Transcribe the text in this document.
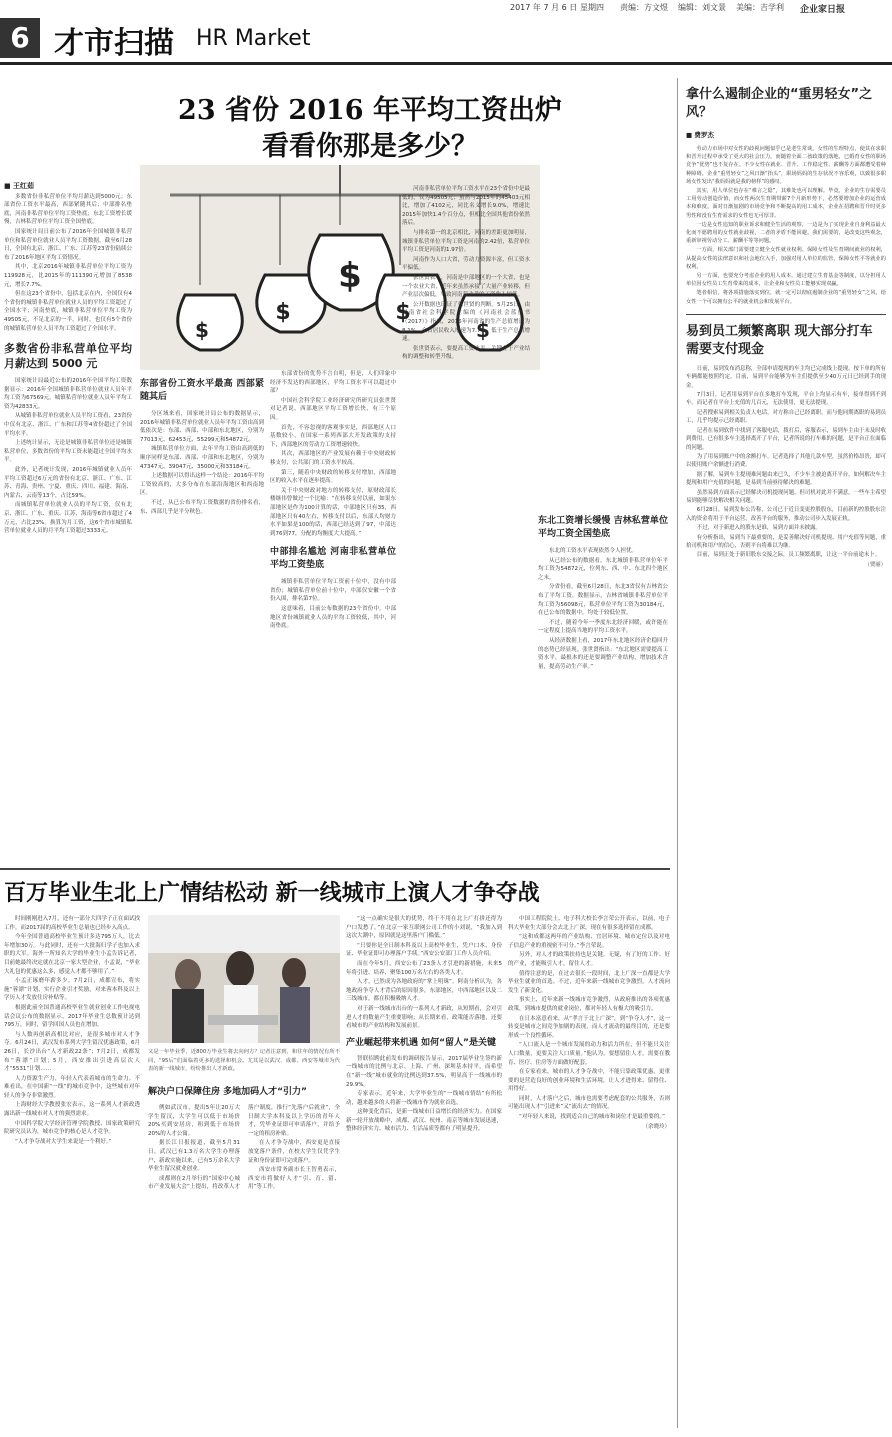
2017 年 7 月 6 日 星期四 责编：方文煜 编辑：刘文景 美编：吉学利 企业家日报
6 才市扫描 HR Market
23 省份 2016 年平均工资出炉
看看你那是多少？
$
$
$
$
$
■ 王红茹

多数省份非私营单位平均月薪达到5000元；东部省份工资水平最高，西部紧随其后；中部排名垫底，河南非私营单位平均工资垫底；东北工资增长缓慢，吉林私营单位平均工资全国垫底。

国家统计局日前公布了2016年全国城镇非私营单位和私营单位就业人员平均工资数据。截至6月28日，全国有北京、浙江、广东、江苏等23省份陆续公布了2016年地区平均工资情况。

其中，北京2016年城镇非私营单位平均工资为119928元，比2015年的111390元增加了8538元，增长7.7%。

但在这23个省份中，包括北京在内，全国仅有4个省份的城镇非私营单位就业人员的平均工资超过了全国水平；河南垫底，城镇非私营单位平均工资为49505元，不足北京的一半。同时，也仅有5个省份的城镇私营单位人员平均工资超过了全国水平。

多数省份非私营单位平均月薪达到 5000 元

国家统计局最近公布的2016年全国平均工资数据显示：2016年全国城镇非私营单位就业人员年平均工资为67569元，城镇私营单位就业人员年平均工资为42833元。

从城镇非私营单位就业人员平均工资看，23省份中仅有北京、浙江、广东和江苏等4省份超过了全国平均水平。

上述统计显示，无论是城镇非私营单位还是城镇私营单位，多数省份的平均工资未能超过全国平均水平。

此外，记者统计发现，2016年城镇就业人员年平均工资超过6万元的省份有北京、浙江、广东、江苏、青海、贵州、宁夏、重庆、四川、福建、海南、内蒙古、云南等13个，占比59%。

而城镇私营单位就业人员的平均工资，仅有北京、浙江、广东、重庆、江苏、海南等6省市超过了4万元，占比23%。换算为月工资，这6个省市城镇私营单位就业人员的月平均工资超过3333元。

东部省份工资水平最高 西部紧随其后

分区域来看，国家统计局公布的数据显示，2016年城镇非私营单位就业人员年平均工资由高到低依次是：东部、西部、中部和东北地区，分别为77013元、62453元、55299元和54872元。

城镇私营单位方面，去年平均工资由高到低的顺序同样是东部、西部、中部和东北地区，分别为47347元、39047元、35000元和33184元。

上述数据可以得出这样一个结论：2016年平均工资较高的，大多分布在东部沿海地区和西南地区。

不过，从已公布平均工资数据的省份排名看，东、西部几乎是平分秋色。

东部省份的优势不言自明，但是，人们印象中经济不发达的西部地区，平均工资水平可以超过中部？

中国社会科学院工业经济研究所研究员张世贤对记者说，西部地区平均工资增长快，有三个原因。

首先，不容忽视的客观事实是，西部地区人口基数较小，在国家一系列西部大开发政策的支持下，西部地区的劳动力工资增速较快。

其次，西部地区的产业发展有赖于中央财政转移支付，公共部门的工资水平较高。

第三，随着中央财政的转移支付增加，西部地区的收入水平在逐步提高。

关于中央财政对地方的转移支付，原财政部长楼继伟曾做过一个比喻：“在转移支付以前，如果东部地区是作为100计算的话，中部地区只有35，西部地区只有40左右，转移支付以后，东部人均财力水平如果是100的话，西部已经达到了97，中部达到76到77，分配的均衡度大大提高。”

中部排名尴尬 河南非私营单位平均工资垫底

城镇非私营单位平均工资前十位中，没有中部省份；城镇私营单位前十位中，中部仅安徽一个省份入围，排名第7位。

这意味着，目前公布数据的23个省份中，中部地区省份城镇就业人员的平均工资较低，其中，河南垫底。

河南非私营单位平均工资水平在23个省份中是最低的，仅为49505元；虽然与2015年的45403元相比，增加了4102元，同比名义增长9.0%，增速比2015年加快1.4个百分点，但相比全国其他省份依然落后。

与排名第一的北京相比，河南的差距更加明显，城镇非私营单位平均工资是河南的2.42倍，私营单位平均工资是河南的1.97倍。

河南作为人口大省，劳动力资源丰富，但工资水平偏低。

张世贤表示，河南是中部地区的一个大省，也是一个农业大省，近年来虽然承接了大量产业转移，但产业层次偏低，导致河南劳动者的工资收入较低。

公开数据也印证了张世贤的判断。5月25日，由河南省社会科学院主编的《河南社会蓝皮书（2017）》指出，2016年河南省的生产总值增速为8.1%，全省居民收入增速为7.7%，低于生产总值增速。

张世贤表示，要提高工资水平，关键在于产业结构的调整和转型升级。

东北工资增长缓慢 吉林私营单位平均工资全国垫底

东北的工资水平表现依然令人担忧。

从已经公布的数据看，东北城镇非私营单位年平均工资为54872元，位列东、西、中、东北四个地区之末。

分省份看，截至6月28日，东北3省仅有吉林省公布了平均工资，数据显示，吉林省城镇非私营单位平均工资为56098元，私营单位平均工资为30184元，在已公布的数据中，均处于较低位置。

不过，随着今年一季度东北经济回暖，或许能在一定程度上提高当地的平均工资水平。

从经济数据上看，2017年东北地区经济企稳回升的态势已经显现。张世贤指出：“东北地区需要提高工资水平，最根本的还是要调整产业结构，增加技术含量，提高劳动生产率。”

拿什么遏制企业的“重男轻女”之风？
■ 费罗杰

劳动力市场中对女性的歧视问题似乎已是老生常谈。女性的生理特点，使其在求职和晋升过程中承受了更大的社会压力。而随着全面二孩政策的落地，已婚育女性的职场竞争“优势”也不复存在。不少女性在就业、晋升、工作稳定性、薪酬等方面都遭受着种种障碍。企业“重男轻女”之风日渐“抬头”，职场妈妈的生存状况不容乐观，以致很多职场女性发出“我妈妈就是我的榜样”的感叹。

其实，用人单位也存在“难言之隐”，其难处也可以理解。毕竟，企业的生存需要员工用劳动创造价值，而女性两次生育期带薪7个月新形势下，必然要增加企业的运营成本和难度。面对日渐加剧的市场竞争和不断提高的用工成本，企业在招聘和晋升时更多男性和没有生育需求的女性也无可厚非。

一边是女性追知的职业诉求和健全生活的观察，一边是为了实现企业自身利益最大化而不愿聘用的女性就业歧视，二者的矛盾不能回避。我们需要的，是改变这些观念，重新审视劳动分工、薪酬平等等问题。

一方面，相关部门需要建立健全女性就业权利、保障女性及生育期间就业的权利，从提高女性的法律意识和社会地位入手，加强对用人单位的监管，保障女性平等就业的权利。

另一方面，也要充分考虑企业的用人成本。通过建立生育基金等制度，以分担用人单位因女性员工生育带来的成本，让企业和女性员工能够实现双赢。

笔者相信，将各项措施落实到位，就一定可以彻底遏制企业的“重男轻女”之风，给女性一个可以拥有公平的就业机会和发展平台。

易到员工频繁离职 现大部分打车 需要支付现金

日前，易到发布消息称，全部申请提现的车主均已完成线上提现，按下单的所有车辆都能按照约定，目前，易到平台能够为车主们提供至少40万元日已经到手的现金。

7月3日，记者用易到平台在多地打车发现，平台上均显示有车，接单得到不到车。而记者在平台上充值的几百元，无法使用，更无法提现。

记者搜索易到相关负责人电话，对方称自己已经离职。而与他同期离职的易到员工，几乎均提示已经离职。

记者在易到软件中找到了客服电话，拨打后，客服表示，易到车主由于未及时收到费用，已有很多车主选择离开了平台，记者所说的打车难的问题，是平台正在面临的问题。

为了用易到账户中的余额打车，记者选择了其他几款车型，虽然价格昂贵，却可以使用账户余额进行消费。

据了解，易到车主提现难问题由来已久，不少车主被迫离开平台。如何解决车主提现和用户充值的问题，是易到当前亟待解决的难题。

虽然易到方面表示已经解决司机提现问题，但司机对此并不满意，一些车主希望易到能够尽快解决相关问题。

6月28日，易到发布公告称，公司已于近日变更控股股东，目前新的控股股东注入的资金将用于平台运营，改善平台的服务，推动公司步入发展正轨。

不过，对于新进入的股东是谁，易到方面并未披露。

有分析指出，易到当下最重要的，是妥善解决好司机提现、用户充值等问题，重拾司机和用户的信心，否则平台将难以为继。

目前，易到正处于新旧股东交接之际，员工频繁离职，让这一平台前途未卜。

（贾丽）
百万毕业生北上广情结松动 新一线城市上演人才争夺战

时间刚刚进入7月，还有一部分大四学子正在面试找工作。而2017届的高校毕业生总量也已经步入高点。

今年全国普通高校毕业生预计多达795万人，比去年增加30万。与此同时，还有一大批海归学子也加入求职的大军。海外一所知名大学的毕业生小孟告诉记者，目前她最终决定就在北京一家大型企业，小孟说，“毕业大礼包的优惠这么多，感觉人才都不够用了。”

小孟正琢磨年薪多少。7月2日，成都宣布，将实施“蓉漂”计划，实行企业引才奖励，对来蓉本科及以上学历人才发放住房补贴等。

根据此前全国普通高校毕业生就业创业工作电视电话会议公布的数据显示，2017年毕业生总数预计达到795万，同时，留学回国人员也在增加。

与人数再创新高相比对应，是很多城市对人才争夺。6月24日，武汉发布系列大学生留汉优惠政策，6月26日，长沙出台“人才新政22条”；7月2日，成都发布“蓉漂”计划；5月，西安推出引进高层次人才“5531”计划……

人力资源生产力，年轻人代表着城市的生命力。不难看出，在中国新“一线”的城市竞争中，这些城市对年轻人的争夺非常激烈。

上海财经大学教授张宏表示，这一系列人才新政透露出新一线城市对人才的强烈需求。

中国科学院大学经济管理学院教授、国家政策研究院研究员认为，城市竞争的核心是人才竞争。

“人才争夺战对大学生来说是一个利好。”

又是一年毕业季，近800万毕业生将去向何方？记者注意到，和往年的情况有所不同，“95后”们面临着更多的选择和机会。尤其是以武汉、成都、西安等城市为代表的新一线城市，纷纷推出人才新政。

解决户口保障住房 多地加码人才“引力”

例如武汉市，提出5年让20万大学生留汉，大学生可以低于市场价20%买到安居房，租到低于市场价20%的人才公寓。

据长江日报报道，截至5月31日，武汉已有1.3万名大学生办理落户，新政实施以来，已有5万余名大学毕业生留汉就业创业。

成都则在2月举行的“国家中心城市产业发展大会”上提出，将改革人才落户制度，推行“先落户后就业”，全日制大学本科及以上学历的青年人才，凭毕业证即可申请落户，并给予一定的租房补贴。

在人才争夺战中，西安更是直接放宽落户条件，在校大学生仅凭学生证和身份证即可完成落户。

西安市常务副市长王智勇表示，西安市将做好人才“引、育、留、用”等工作。

“这一点确实是很大的优势，终于不用在北上广打拼还得为户口发愁了。”在北京一家互联网公司工作的小刘说，“我加入到这次大潮中，原因就是这里落户门槛低。”

“只要你是全日制本科及以上高校毕业生，凭户口本、身份证、毕业证即可办理落户手续。”西安公安部门工作人员介绍。

而在今年5月，西安公布了23条人才引进的新措施，未来5年将引进、培养、聚集100万名左右的各类人才。

人才，已然成为各地政府的“掌上明珠”。阿南分析认为，各地政府争夺人才背后的原因很多，东部地区，中西部地区以及二三线城市，都在积极吸纳人才。

对于新一线城市出台的一系列人才新政，从短期看，会对引进人才的数量产生重要影响；从长期来看，政策能否落地，还要看城市的产业结构和发展前景。

产业崛起带来机遇 如何“留人”是关键

智联招聘此前发布的调研报告显示，2017届毕业生签约新一线城市的比例与北京、上海、广州、深圳基本持平，而希望在“新一线”城市就业的比例达到37.5%，明显高于一线城市的29.9%。

专家表示，近年来，大学毕业生的“一线城市情结”有所松动，越来越多的人将新一线城市作为就业首选。

这种变化背后，是新一线城市日益增长的经济实力。在国家新一轮开放战略中，成都、武汉、杭州、南京等城市发展迅速，整体经济实力、城市活力、生活品质等都有了明显提升。

中国工程院院士、电子科大校长李言荣公开表示，以前，电子科大毕业生大部分会去北上广深，现在有很多选择留在成都。

“这和成都这两年的产业结构、宜居环境、城市定位以及对电子信息产业的重视密不可分。”李言荣说。

另外，对人才的政策扶持也是关键。无疑，有了好的工作、好的产业，才能吸引人才，留住人才。

值得注意的是，在过去很长一段时间，北上广深一直都是大学毕业生就业的首选。不过，近年来新一线城市竞争激烈，人才流向发生了新变化。

事实上，近年来新一线城市竞争激烈，从政府推出的各项优惠政策，到城市提供的就业岗位，都对年轻人有极大的吸引力。

在日本富意看来，从“孝言于北上广深”，到“争夺人才”，这一转变是城市之间竞争加剧的表现，而人才流动的最终目的，还是要形成一个良性循环。

“人口流入是一个城市发展的动力和活力所在，但不能只关注人口数量，更要关注人口质量。”他认为，要想留住人才，需要在教育、医疗、住房等方面做好配套。

在专家看来，城市的人才争夺战中，不能只靠政策优惠，更重要的是营造良好的创业环境和生活环境，让人才进得来、留得住、用得好。

同时，人才落户之后，城市也需要考虑配套的公共服务，否则可能出现人才“引进来”又“流出去”的情况。

“对年轻人来说，找到适合自己的城市和岗位才是最重要的。”

（余晓玲）
